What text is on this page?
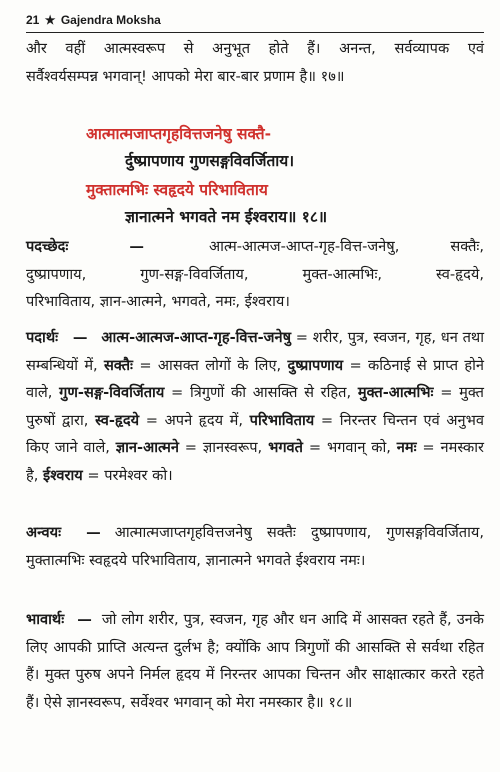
21 ★ Gajendra Moksha
और वहीं आत्मस्वरूप से अनुभूत होते हैं। अनन्त, सर्वव्यापक एवं
सर्वैश्वर्यसम्पन्न भगवान्! आपको मेरा बार-बार प्रणाम है॥ १७॥
आत्मात्मजाप्तगृहवित्तजनेषु सक्तै-
र्दुष्प्रापणाय गुणसङ्गविवर्जिताय।
मुक्तात्मभिः स्वहृदये परिभाविताय
ज्ञानात्मने भगवते नम ईश्वराय॥ १८॥
पदच्छेदः	—	आत्म-आत्मज-आप्त-गृह-वित्त-जनेषु, सक्तैः,
दुष्प्रापणाय, गुण-सङ्ग-विवर्जिताय, मुक्त-आत्मभिः, स्व-हृदये,
परिभाविताय, ज्ञान-आत्मने, भगवते, नमः, ईश्वराय।
पदार्थः — आत्म-आत्मज-आप्त-गृह-वित्त-जनेषु = शरीर, पुत्र, स्वजन, गृह, धन तथा सम्बन्धियों में, सक्तैः = आसक्त लोगों के लिए, दुष्प्रापणाय = कठिनाई से प्राप्त होने वाले, गुण-सङ्ग-विवर्जिताय = त्रिगुणों की आसक्ति से रहित, मुक्त-आत्मभिः = मुक्त पुरुषों द्वारा, स्व-हृदये = अपने हृदय में, परिभाविताय = निरन्तर चिन्तन एवं अनुभव किए जाने वाले, ज्ञान-आत्मने = ज्ञानस्वरूप, भगवते = भगवान् को, नमः = नमस्कार है, ईश्वराय = परमेश्वर को।
अन्वयः — आत्मात्मजाप्तगृहवित्तजनेषु सक्तैः दुष्प्रापणाय, गुणसङ्गविवर्जिताय, मुक्तात्मभिः स्वहृदये परिभाविताय, ज्ञानात्मने भगवते ईश्वराय नमः।
भावार्थः — जो लोग शरीर, पुत्र, स्वजन, गृह और धन आदि में आसक्त रहते हैं, उनके लिए आपकी प्राप्ति अत्यन्त दुर्लभ है; क्योंकि आप त्रिगुणों की आसक्ति से सर्वथा रहित हैं। मुक्त पुरुष अपने निर्मल हृदय में निरन्तर आपका चिन्तन और साक्षात्कार करते रहते हैं। ऐसे ज्ञानस्वरूप, सर्वेश्वर भगवान् को मेरा नमस्कार है॥ १८॥
